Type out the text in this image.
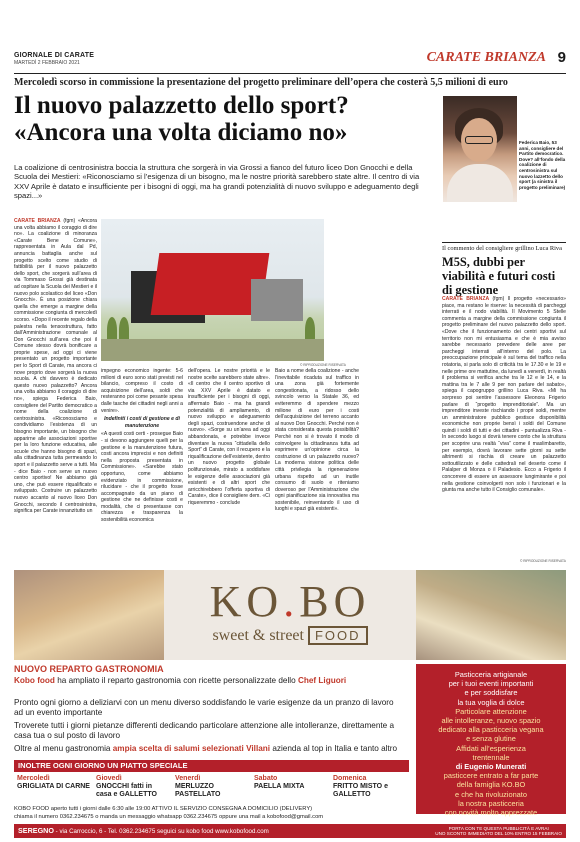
GIORNALE DI CARATE
MARTEDÌ 2 FEBBRAIO 2021	CARATE BRIANZA 9
Mercoledì scorso in commissione la presentazione del progetto preliminare dell’opera che costerà 5,5 milioni di euro
Il nuovo palazzetto dello sport? «Ancora una volta diciamo no»	Federica Baio, 53 anni, consigliere del Partito democratico. Dove? all’fondo della coalizione di centrosinistra sul nuovo lazzetto dello sport (a sinistra il progetto preliminare)

La coalizione di centrosinistra boccia la struttura che sorgerà in via Grossi a fianco del futuro liceo Don Gnocchi e della Scuola dei Mestieri: «Riconosciamo si l’esigenza di un bisogno, ma le nostre priorità sarebbero state altre. Il centro di via XXV Aprile è datato e insufficiente per i bisogni di oggi, ma ha grandi potenzialità di nuovo sviluppo e adeguamento degli spazi...»

CARATE BRIANZA (fgm) «Ancora una volta abbiamo il coraggio di dire no». La coalizione di minoranza «Carate Bene Comune», rappresentata in Aula dal Pd, annuncia battaglia anche sul progetto scelto come studio di fattibilità per il nuovo palazzetto dello sport, che sorgerà sull’area di via Tommaso Grossi già destinata ad ospitare la Scuola dei Mestieri e il nuovo polo scolastico del liceo «Don Gnocchi». È una posizione chiara quella che emerge a margine della commissione congiunta di mercoledì scorso. «Dopo il recente regalo della palestra nella tensostruttura, fatto dall’Amministrazione comunale al Don Gnocchi sull’area che poi il Comune stesso dovrà bonificare a proprie spese, ad oggi ci viene presentato un progetto importante per lo Sport di Carate, ma ancora ci nove proprio dove sorgerà la nuova scuola. A chi davvero è dedicato questo nuovo palazzetto? Ancora una volta abbiamo il coraggio di dire no», spiega Federica Baio, consigliere del Partito democratico a nome della coalizione di centrosinistra. «Riconosciamo e condividiamo l’esistenza di un bisogno importante, un bisogno che apparirne alle associazioni sportive per la loro funzione educativa, alle scuole che hanno bisogno di spazi, alla cittadinanza tutta permeando lo sport e il palazzetto serve a tutti. Ma - dice Baio - non serve un nuovo centro sportivo! Ne abbiamo già uno, che può essere riqualificato e sviluppato. Costruire un palazzetto nuovo accanto al nuovo liceo Don Gnocchi, secondo il centrosinistra, significa per Carate innanzitutto un

impegno economico ingente: 5-6 milioni di euro sono stati previsti nel bilancio, compreso il costo di acquisizione dell’area, soldi che resteranno poi come pesante spesa dalle tasche dei cittadini negli anni a venire».

Indefiniti i costi di gestione e di manutenzione

«A questi costi certi - prosegue Baio - si devono aggiungere quelli per la gestione e la manutenzione futura, costi ancora imprecisi e non definiti nella proposta presentata in Commissione». «Sarebbe stato opportuno, come abbiamo evidenziato in commissione, rilucidare - che il progetto fosse accompagnato da un piano di gestione che ne definisse costi e modalità, che ci presentasse con chiarezza e trasparenza la sostenibilità economica

dell’opera. Le nostre priorità e le nostre scelte sarebbero state altre». «Il centro che il centro sportivo di via XXV Aprile è datato e insufficiente per i bisogni di oggi, affermato Baio - ma ha grandi potenzialità di ampliamento, di nuovo sviluppo e adeguamento degli spazi, costruendone anche di nuovo». «Sorge su un’area ad oggi abbandonata, e potrebbe invece diventare la nuova “cittadella dello Sport” di Carate, con il recupero e la riqualificazione dell’esistente, dentro un nuovo progetto globale polifunzionale, mirato a soddisfare le esigenze delle associazioni già esistenti e di altri sport che arricchirebbero l’offerta sportiva di Carate», dice il consigliere dem. «Ci riqueremmo - conclude

Baio a nome della coalizione - anche l’inevitabile ricaduta sul traffico in una zona già fortemente congestionata, a ridosso dello svincolo verso la Statale 36, ed eviteremmo di spendere mezzo milione di euro per i costi dell’acquisizione del terreno accanto al nuovo Don Gnocchi. Perché non è stata considerata questa possibilità? Perché non si è trovato il modo di coinvolgere la cittadinanza tutta ad esprimere un’opinione circa la costruzione di un palazzetto nuovo? La moderna visione politica delle città privilegia la rigenerazione urbana rispetto ad un inutile consumo di suolo e riteniamo doveroso per l’Amministrazione che ogni pianificazione sia innovativa ma sostenibile, reinventando il uso di luoghi e spazi già esistenti».

© RIPRODUZIONE RISERVATA
Il commento del consigliere grillino Luca Riva
M5S, dubbi per viabilità e futuri costi di gestione

CARATE BRIANZA (fgm) Il progetto «necessario» piace, ma restano le riserve: la necessità di parcheggi interrati e il nodo viabilità. Il Movimento 5 Stelle commenta a margine della commissione congiunta il progetto preliminare del nuovo palazzetto dello sport. «Dove che il funzionamento dei centri sportivi sul territorio non mi entusiasma e che è mia avviso sarebbe necessario prevedere delle aree per parcheggi interrati all’interno del polo. La preoccupazione principale è sul tema del traffico nella rotatoria, si parla solo di criticità tra le 17.30 e le 19 e nelle prime ore mattutine, da lunedì a venerdì, in realtà il problema si verifica anche tra le 12 e le 14, e la mattina tra le 7 alle 9 per non parlare del sabato», spiega il capogruppo grillino Luca Riva. «Mi ha sorpreso poi sentire l’assessore Eleonora Frigerio parlare di “progetto imprenditoriale”. Ma un imprenditore investe rischiando i propri soldi, mentre un amministratore pubblico gestisce disponibilità economiche non proprie bensì i soldi del Comune quindi i soldi di tutti e dei cittadini - puntualizza Riva - In secondo luogo si dovrà tenere conto che la struttura per scoprire una realtà “viva” come il maslimbaretto, per esempio, dovrà lavorare sette giorni su sette altrimenti si rischia di creare un palazzetto sottoutilizzato e delle cattedrali nel deserto come il Palalper di Monza o il Paladesio. Ecco a Frigerio il concorrere di essere un assessore lungimirante e poi nella gestione coinvolgerti non solo i funzionari e la giunta ma anche tutto il Consiglio comunale».

© RIPRODUZIONE RISERVATA
KO.BO
sweet & street FOOD
NUOVO REPARTO GASTRONOMIA

Kobo food ha ampliato il reparto gastronomia con ricette personalizzate dello Chef Liguori

Pronto ogni giorno a deliziarvi con un menu diverso soddisfando le varie esigenze da un pranzo di lavoro ad un evento importante

Troverete tutti i giorni pietanze differenti dedicando particolare attenzione alle intolleranze, direttamente a casa tua o sul posto di lavoro

Oltre al menu gastronomia ampia scelta di salumi selezionati Villani azienda al top in Italia e tanto altro

Pasticceria artigianale
per i tuoi eventi importanti
e per soddisfare
la tua voglia di dolce
Particolare attenzione
alle intolleranze, nuovo spazio
dedicato alla pasticceria vegana
e senza glutine
Affidati all’esperienza
trentennale
di Eugenio Munerati
pasticcere entrato a far parte
della famiglia KO.BO
e che ha rivoluzionato
la nostra pasticceria
con novità molto apprezzate
INOLTRE OGNI GIORNO UN PIATTO SPECIALE
Mercoledì
GRIGLIATA DI CARNE
Giovedì
GNOCCHI fatti in casa e GALLETTO
Venerdì
MERLUZZO PASTELLATO
Sabato
PAELLA MIXTA
Domenica
FRITTO MISTO e GALLETTO
KOBO FOOD aperto tutti i giorni dalle 6:30 alle 19:00 ATTIVO IL SERVIZIO CONSEGNA A DOMICILIO (DELIVERY)
chiama il numero 0362.234675 o manda un messaggio whatsapp 0362.234675 oppure una mail a kobofood@gmail.com
SEREGNO - via Carroccio, 6 - Tel. 0362.234675 seguici su kobo food www.kobofood.com	PORTA CON TE QUESTA PUBBLICITÀ E AVRAI
UNO SCONTO IMMEDIATO DEL 10% ENTRO 15 FEBBRAIO
